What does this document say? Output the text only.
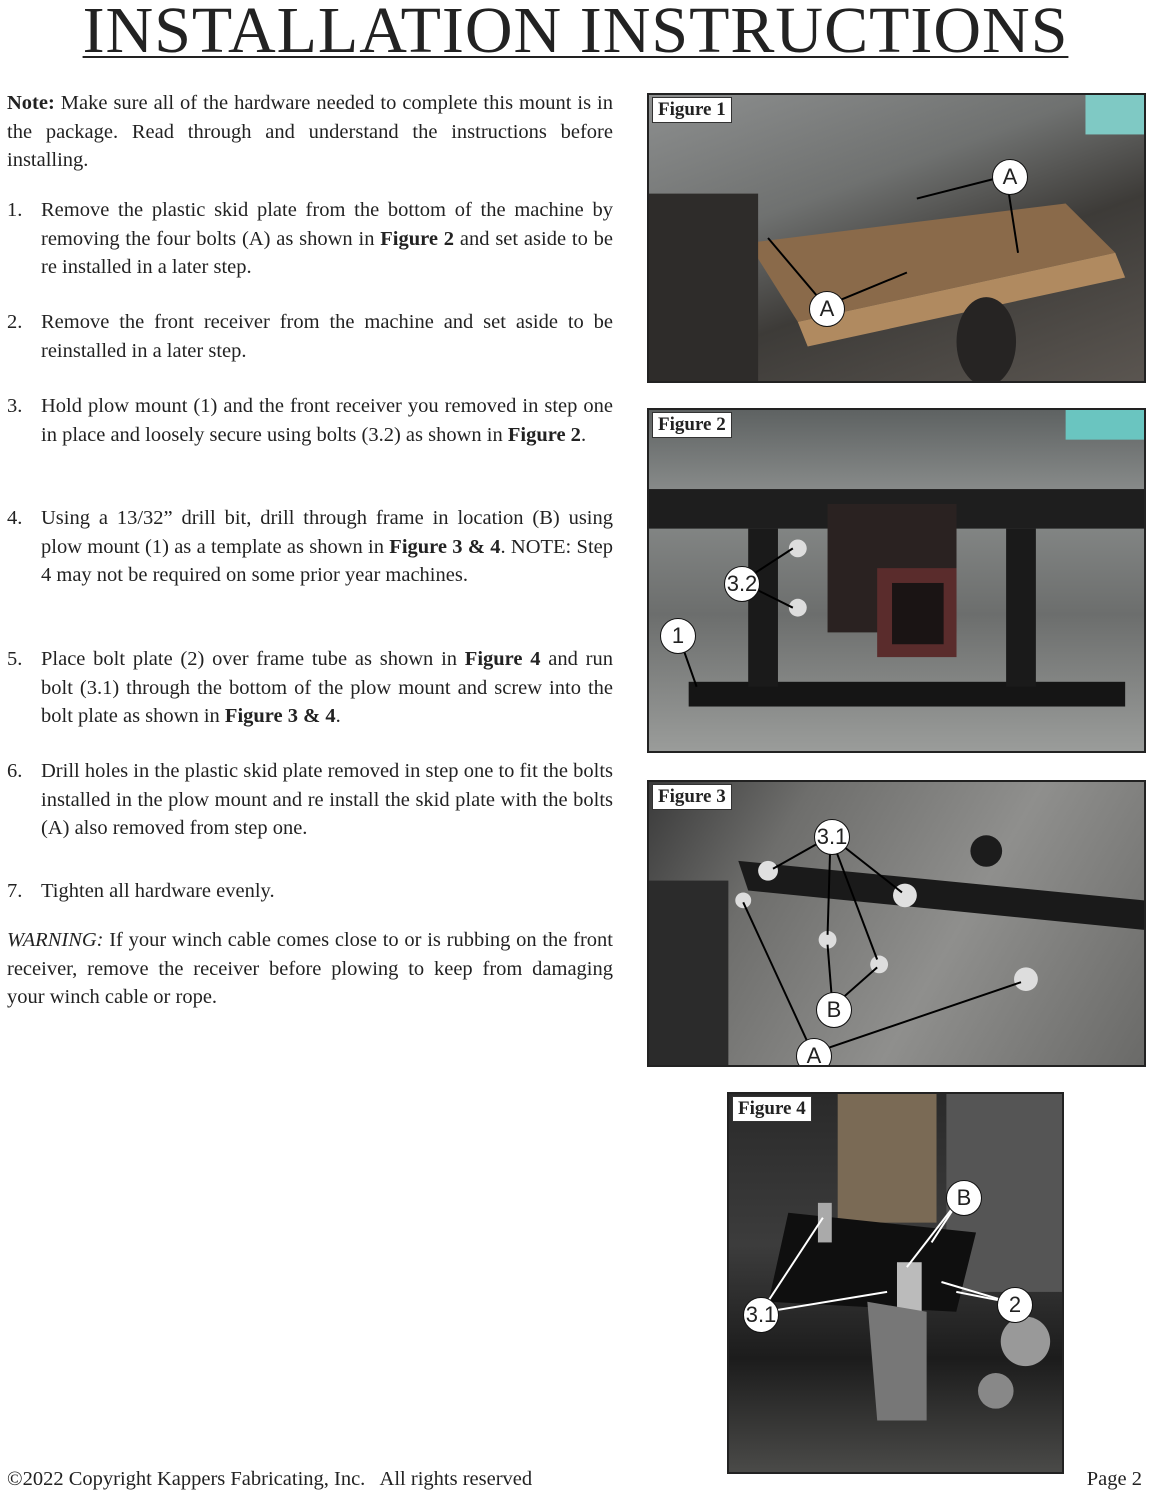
INSTALLATION INSTRUCTIONS

Note: Make sure all of the hardware needed to complete this mount is in the package. Read through and understand the instructions before installing.

1. Remove the plastic skid plate from the bottom of the machine by removing the four bolts (A) as shown in Figure 2 and set aside to be re installed in a later step.
2. Remove the front receiver from the machine and set aside to be reinstalled in a later step.
3. Hold plow mount (1) and the front receiver you removed in step one in place and loosely secure using bolts (3.2) as shown in Figure 2.
4. Using a 13/32” drill bit, drill through frame in location (B) using plow mount (1) as a template as shown in Figure 3 & 4. NOTE: Step 4 may not be required on some prior year machines.
5. Place bolt plate (2) over frame tube as shown in Figure 4 and run bolt (3.1) through the bottom of the plow mount and screw into the bolt plate as shown in Figure 3 & 4.
6. Drill holes in the plastic skid plate removed in step one to fit the bolts installed in the plow mount and re install the skid plate with the bolts (A) also removed from step one.
7. Tighten all hardware evenly.

WARNING: If your winch cable comes close to or is rubbing on the front receiver, remove the receiver before plowing to keep from damaging your winch cable or rope.

Figure 1
A
A
Figure 2
3.2
1
Figure 3
3.1
B
A
Figure 4
B
2
3.1
©2022 Copyright Kappers Fabricating, Inc.   All rights reserved	Page 2
